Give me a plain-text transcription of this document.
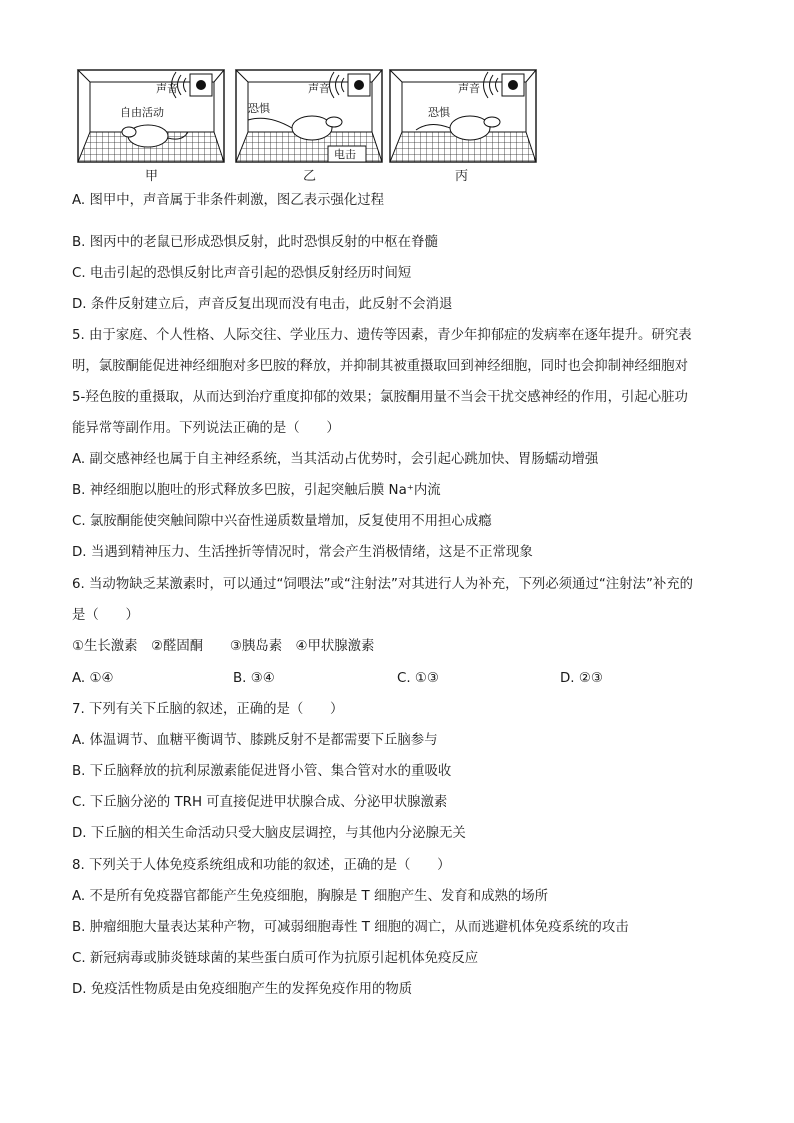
声音
自由活动
声音
恐惧
电击
声音
恐惧
甲	乙	丙
A. 图甲中，声音属于非条件刺激，图乙表示强化过程
B. 图丙中的老鼠已形成恐惧反射，此时恐惧反射的中枢在脊髓
C. 电击引起的恐惧反射比声音引起的恐惧反射经历时间短
D. 条件反射建立后，声音反复出现而没有电击，此反射不会消退
5. 由于家庭、个人性格、人际交往、学业压力、遗传等因素，青少年抑郁症的发病率在逐年提升。研究表
明，氯胺酮能促进神经细胞对多巴胺的释放，并抑制其被重摄取回到神经细胞，同时也会抑制神经细胞对
5-羟色胺的重摄取，从而达到治疗重度抑郁的效果；氯胺酮用量不当会干扰交感神经的作用，引起心脏功
能异常等副作用。下列说法正确的是（　　）
A. 副交感神经也属于自主神经系统，当其活动占优势时，会引起心跳加快、胃肠蠕动增强
B. 神经细胞以胞吐的形式释放多巴胺，引起突触后膜 Na⁺内流
C. 氯胺酮能使突触间隙中兴奋性递质数量增加，反复使用不用担心成瘾
D. 当遇到精神压力、生活挫折等情况时，常会产生消极情绪，这是不正常现象
6. 当动物缺乏某激素时，可以通过“饲喂法”或“注射法”对其进行人为补充，下列必须通过“注射法”补充的
是（　　）
①生长激素　②醛固酮　　③胰岛素　④甲状腺激素
A. ①④	B. ③④	C. ①③	D. ②③
7. 下列有关下丘脑的叙述，正确的是（　　）
A. 体温调节、血糖平衡调节、膝跳反射不是都需要下丘脑参与
B. 下丘脑释放的抗利尿激素能促进肾小管、集合管对水的重吸收
C. 下丘脑分泌的 TRH 可直接促进甲状腺合成、分泌甲状腺激素
D. 下丘脑的相关生命活动只受大脑皮层调控，与其他内分泌腺无关
8. 下列关于人体免疫系统组成和功能的叙述，正确的是（　　）
A. 不是所有免疫器官都能产生免疫细胞，胸腺是 T 细胞产生、发育和成熟的场所
B. 肿瘤细胞大量表达某种产物，可减弱细胞毒性 T 细胞的凋亡，从而逃避机体免疫系统的攻击
C. 新冠病毒或肺炎链球菌的某些蛋白质可作为抗原引起机体免疫反应
D. 免疫活性物质是由免疫细胞产生的发挥免疫作用的物质
